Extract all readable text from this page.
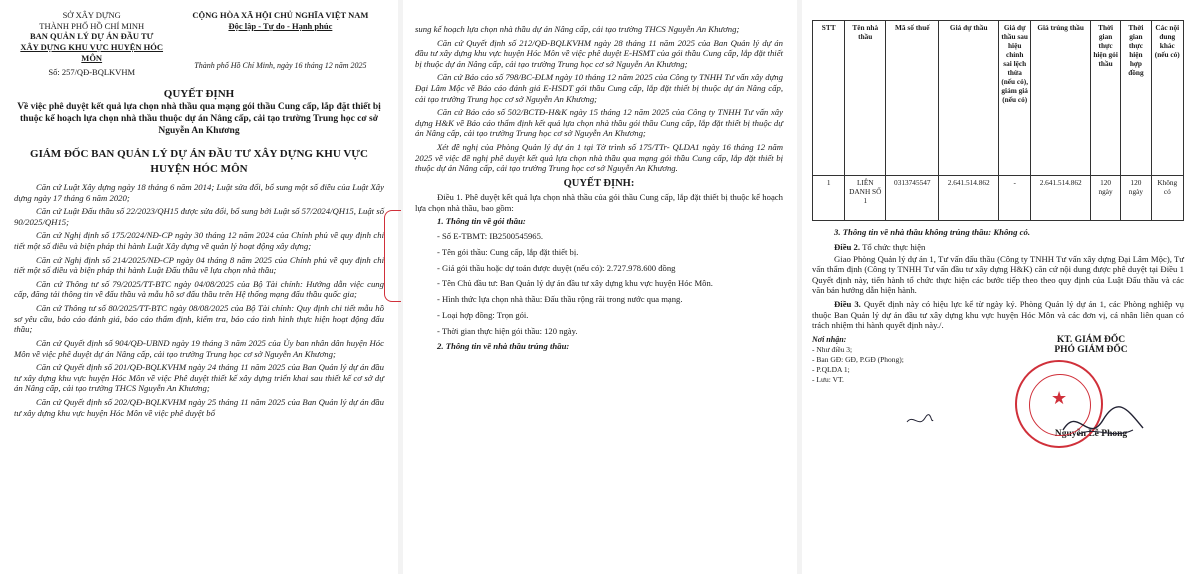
SỞ XÂY DỰNG
THÀNH PHỐ HỒ CHÍ MINH
BAN QUẢN LÝ DỰ ÁN ĐẦU TƯ
XÂY DỰNG KHU VỰC HUYỆN HÓC MÔN
Số: 257/QĐ-BQLKVHM
CỘNG HÒA XÃ HỘI CHỦ NGHĨA VIỆT NAM
Độc lập - Tự do - Hạnh phúc
Thành phố Hồ Chí Minh, ngày 16 tháng 12 năm 2025
QUYẾT ĐỊNH
Về việc phê duyệt kết quả lựa chọn nhà thầu qua mạng gói thầu Cung cấp, lắp đặt thiết bị thuộc kế hoạch lựa chọn nhà thầu thuộc dự án Nâng cấp, cải tạo trường Trung học cơ sở Nguyễn An Khương
GIÁM ĐỐC BAN QUẢN LÝ DỰ ÁN ĐẦU TƯ XÂY DỰNG KHU VỰC HUYỆN HÓC MÔN

Căn cứ Luật Xây dựng ngày 18 tháng 6 năm 2014; Luật sửa đổi, bổ sung một số điều của Luật Xây dựng ngày 17 tháng 6 năm 2020;

Căn cứ Luật Đấu thầu số 22/2023/QH15 được sửa đổi, bổ sung bởi Luật số 57/2024/QH15, Luật số 90/2025/QH15;

Căn cứ Nghị định số 175/2024/NĐ-CP ngày 30 tháng 12 năm 2024 của Chính phủ về quy định chi tiết một số điều và biện pháp thi hành Luật Xây dựng về quản lý hoạt động xây dựng;

Căn cứ Nghị định số 214/2025/NĐ-CP ngày 04 tháng 8 năm 2025 của Chính phủ về quy định chi tiết một số điều và biện pháp thi hành Luật Đấu thầu về lựa chọn nhà thầu;

Căn cứ Thông tư số 79/2025/TT-BTC ngày 04/08/2025 của Bộ Tài chính: Hướng dẫn việc cung cấp, đăng tải thông tin về đấu thầu và mẫu hồ sơ đấu thầu trên Hệ thống mạng đấu thầu quốc gia;

Căn cứ Thông tư số 80/2025/TT-BTC ngày 08/08/2025 của Bộ Tài chính: Quy định chi tiết mẫu hồ sơ yêu cầu, báo cáo đánh giá, báo cáo thẩm định, kiểm tra, báo cáo tình hình thực hiện hoạt động đấu thầu;

Căn cứ Quyết định số 904/QĐ-UBND ngày 19 tháng 3 năm 2025 của Ủy ban nhân dân huyện Hóc Môn về việc phê duyệt dự án Nâng cấp, cải tạo trường Trung học cơ sở Nguyễn An Khương;

Căn cứ Quyết định số 201/QĐ-BQLKVHM ngày 24 tháng 11 năm 2025 của Ban Quản lý dự án đầu tư xây dựng khu vực huyện Hóc Môn về việc Phê duyệt thiết kế xây dựng triển khai sau thiết kế cơ sở dự án Nâng cấp, cải tạo trường THCS Nguyễn An Khương;

Căn cứ Quyết định số 202/QĐ-BQLKVHM ngày 25 tháng 11 năm 2025 của Ban Quản lý dự án đầu tư xây dựng khu vực huyện Hóc Môn về việc phê duyệt bổ

sung kế hoạch lựa chọn nhà thầu dự án Nâng cấp, cải tạo trường THCS Nguyễn An Khương;

Căn cứ Quyết định số 212/QĐ-BQLKVHM ngày 28 tháng 11 năm 2025 của Ban Quản lý dự án đầu tư xây dựng khu vực huyện Hóc Môn về việc phê duyệt E-HSMT của gói thầu Cung cấp, lắp đặt thiết bị thuộc dự án Nâng cấp, cải tạo trường Trung học cơ sở Nguyễn An Khương;

Căn cứ Báo cáo số 798/BC-ĐLM ngày 10 tháng 12 năm 2025 của Công ty TNHH Tư vấn xây dựng Đại Lâm Mộc về Báo cáo đánh giá E-HSDT gói thầu Cung cấp, lắp đặt thiết bị thuộc dự án Nâng cấp, cải tạo trường Trung học cơ sở Nguyễn An Khương;

Căn cứ Báo cáo số 502/BCTĐ-H&K ngày 15 tháng 12 năm 2025 của Công ty TNHH Tư vấn xây dựng H&K về Báo cáo thẩm định kết quả lựa chọn nhà thầu gói thầu Cung cấp, lắp đặt thiết bị thuộc dự án Nâng cấp, cải tạo trường Trung học cơ sở Nguyễn An Khương;

Xét đề nghị của Phòng Quản lý dự án 1 tại Tờ trình số 175/TTr- QLDA1 ngày 16 tháng 12 năm 2025 về việc đề nghị phê duyệt kết quả lựa chọn nhà thầu qua mạng gói thầu Cung cấp, lắp đặt thiết bị thuộc dự án Nâng cấp, cải tạo trường Trung học cơ sở Nguyễn An Khương.

QUYẾT ĐỊNH:

Điều 1. Phê duyệt kết quả lựa chọn nhà thầu của gói thầu Cung cấp, lắp đặt thiết bị thuộc kế hoạch lựa chọn nhà thầu, bao gồm:

1. Thông tin về gói thầu:
- Số E-TBMT: IB2500545965.
- Tên gói thầu: Cung cấp, lắp đặt thiết bị.
- Giá gói thầu hoặc dự toán được duyệt (nếu có): 2.727.978.600 đồng
- Tên Chủ đầu tư: Ban Quản lý dự án đầu tư xây dựng khu vực huyện Hóc Môn.
- Hình thức lựa chọn nhà thầu: Đấu thầu rộng rãi trong nước qua mạng.
- Loại hợp đồng: Trọn gói.
- Thời gian thực hiện gói thầu: 120 ngày.
2. Thông tin về nhà thầu trúng thầu:
STT	Tên nhà thầu	Mã số thuế	Giá dự thầu	Giá dự thầu sau hiệu chỉnh sai lệch thừa (nếu có), giảm giá (nếu có)	Giá trúng thầu	Thời gian thực hiện gói thầu	Thời gian thực hiện hợp đồng	Các nội dung khác (nếu có)
1	LIÊN DANH SỐ 1	0313745547	2.641.514.862	-	2.641.514.862	120 ngày	120 ngày	Không có
3. Thông tin về nhà thầu không trúng thầu: Không có.

Điều 2. Tổ chức thực hiện

Giao Phòng Quản lý dự án 1, Tư vấn đấu thầu (Công ty TNHH Tư vấn xây dựng Đại Lâm Mộc), Tư vấn thẩm định (Công ty TNHH Tư vấn đầu tư xây dựng H&K) căn cứ nội dung được phê duyệt tại Điều 1 Quyết định này, tiến hành tổ chức thực hiện các bước tiếp theo theo quy định của Luật Đấu thầu và các văn bản hướng dẫn hiện hành.

Điều 3. Quyết định này có hiệu lực kể từ ngày ký. Phòng Quản lý dự án 1, các Phòng nghiệp vụ thuộc Ban Quản lý dự án đầu tư xây dựng khu vực huyện Hóc Môn và các đơn vị, cá nhân liên quan có trách nhiệm thi hành quyết định này./.

Nơi nhận:
- Như điều 3;
- Ban GĐ: GĐ, P.GĐ (Phong);
- P.QLDA 1;
- Lưu: VT.
KT. GIÁM ĐỐC
PHÓ GIÁM ĐỐC
Nguyễn Lễ Phong
★
